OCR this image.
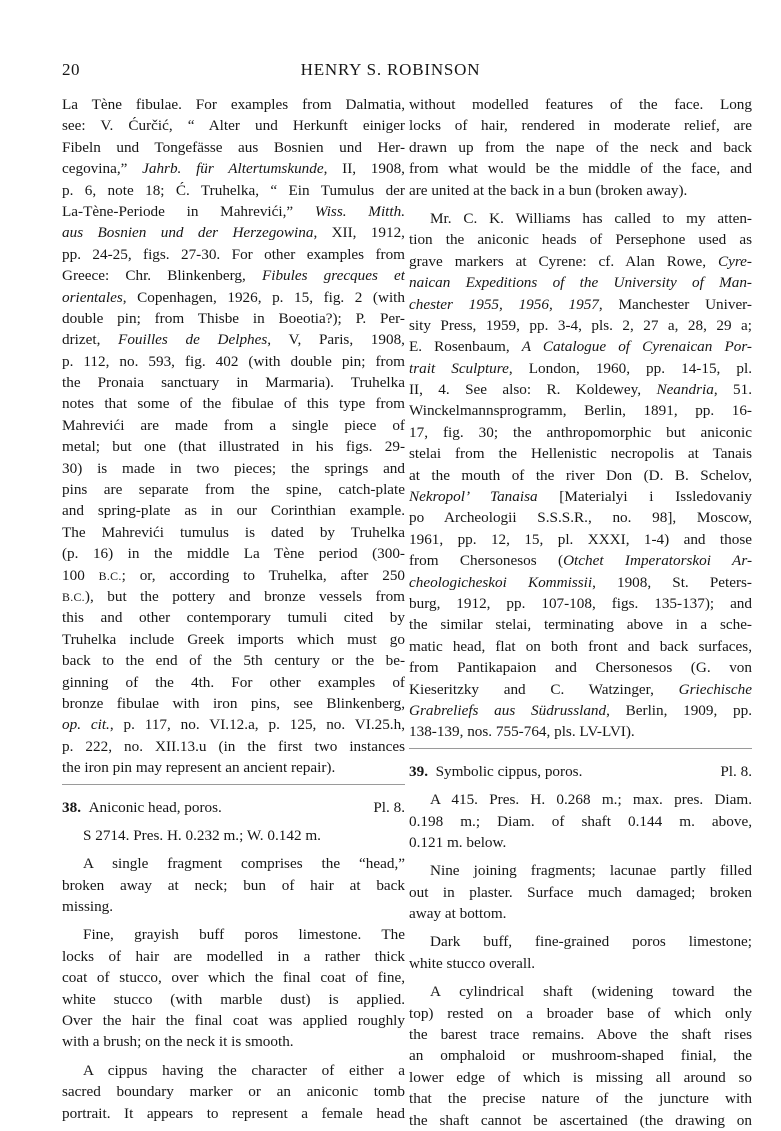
20	HENRY S. ROBINSON
La Tène fibulae. For examples from Dalmatia,
see: V. Ćurčić, “ Alter und Herkunft einiger
Fibeln und Tongefässe aus Bosnien und Her-
cegovina,” Jahrb. für Altertumskunde, II, 1908,
p. 6, note 18; Ć. Truhelka, “ Ein Tumulus der
La-Tène-Periode in Mahrevići,” Wiss. Mitth.
aus Bosnien und der Herzegowina, XII, 1912,
pp. 24-25, figs. 27-30. For other examples from
Greece: Chr. Blinkenberg, Fibules grecques et
orientales, Copenhagen, 1926, p. 15, fig. 2 (with
double pin; from Thisbe in Boeotia?); P. Per-
drizet, Fouilles de Delphes, V, Paris, 1908,
p. 112, no. 593, fig. 402 (with double pin; from
the Pronaia sanctuary in Marmaria). Truhelka
notes that some of the fibulae of this type from
Mahrevići are made from a single piece of
metal; but one (that illustrated in his figs. 29-
30) is made in two pieces; the springs and
pins are separate from the spine, catch-plate
and spring-plate as in our Corinthian example.
The Mahrevići tumulus is dated by Truhelka
(p. 16) in the middle La Tène period (300-
100 B.C.; or, according to Truhelka, after 250
B.C.), but the pottery and bronze vessels from
this and other contemporary tumuli cited by
Truhelka include Greek imports which must go
back to the end of the 5th century or the be-
ginning of the 4th. For other examples of
bronze fibulae with iron pins, see Blinkenberg,
op. cit., p. 117, no. VI.12.a, p. 125, no. VI.25.h,
p. 222, no. XII.13.u (in the first two instances
the iron pin may represent an ancient repair).
38. Aniconic head, poros.	Pl. 8.
S 2714. Pres. H. 0.232 m.; W. 0.142 m.
A single fragment comprises the “head,”
broken away at neck; bun of hair at back
missing.
Fine, grayish buff poros limestone. The
locks of hair are modelled in a rather thick
coat of stucco, over which the final coat of fine,
white stucco (with marble dust) is applied.
Over the hair the final coat was applied roughly
with a brush; on the neck it is smooth.
A cippus having the character of either a
sacred boundary marker or an aniconic tomb
portrait. It appears to represent a female head
without modelled features of the face. Long
locks of hair, rendered in moderate relief, are
drawn up from the nape of the neck and back
from what would be the middle of the face, and
are united at the back in a bun (broken away).
Mr. C. K. Williams has called to my atten-
tion the aniconic heads of Persephone used as
grave markers at Cyrene: cf. Alan Rowe, Cyre-
naican Expeditions of the University of Man-
chester 1955, 1956, 1957, Manchester Univer-
sity Press, 1959, pp. 3-4, pls. 2, 27 a, 28, 29 a;
E. Rosenbaum, A Catalogue of Cyrenaican Por-
trait Sculpture, London, 1960, pp. 14-15, pl.
II, 4. See also: R. Koldewey, Neandria, 51.
Winckelmannsprogramm, Berlin, 1891, pp. 16-
17, fig. 30; the anthropomorphic but aniconic
stelai from the Hellenistic necropolis at Tanais
at the mouth of the river Don (D. B. Schelov,
Nekropol’ Tanaisa [Materialyi i Issledovaniy
po Archeologii S.S.S.R., no. 98], Moscow,
1961, pp. 12, 15, pl. XXXI, 1-4) and those
from Chersonesos (Otchet Imperatorskoi Ar-
cheologicheskoi Kommissii, 1908, St. Peters-
burg, 1912, pp. 107-108, figs. 135-137); and
the similar stelai, terminating above in a sche-
matic head, flat on both front and back surfaces,
from Pantikapaion and Chersonesos (G. von
Kieseritzky and C. Watzinger, Griechische
Grabreliefs aus Südrussland, Berlin, 1909, pp.
138-139, nos. 755-764, pls. LV-LVI).
39. Symbolic cippus, poros.	Pl. 8.
A 415. Pres. H. 0.268 m.; max. pres. Diam.
0.198 m.; Diam. of shaft 0.144 m. above,
0.121 m. below.
Nine joining fragments; lacunae partly filled
out in plaster. Surface much damaged; broken
away at bottom.
Dark buff, fine-grained poros limestone;
white stucco overall.
A cylindrical shaft (widening toward the
top) rested on a broader base of which only
the barest trace remains. Above the shaft rises
an omphaloid or mushroom-shaped finial, the
lower edge of which is missing all around so
that the precise nature of the juncture with
the shaft cannot be ascertained (the drawing on
